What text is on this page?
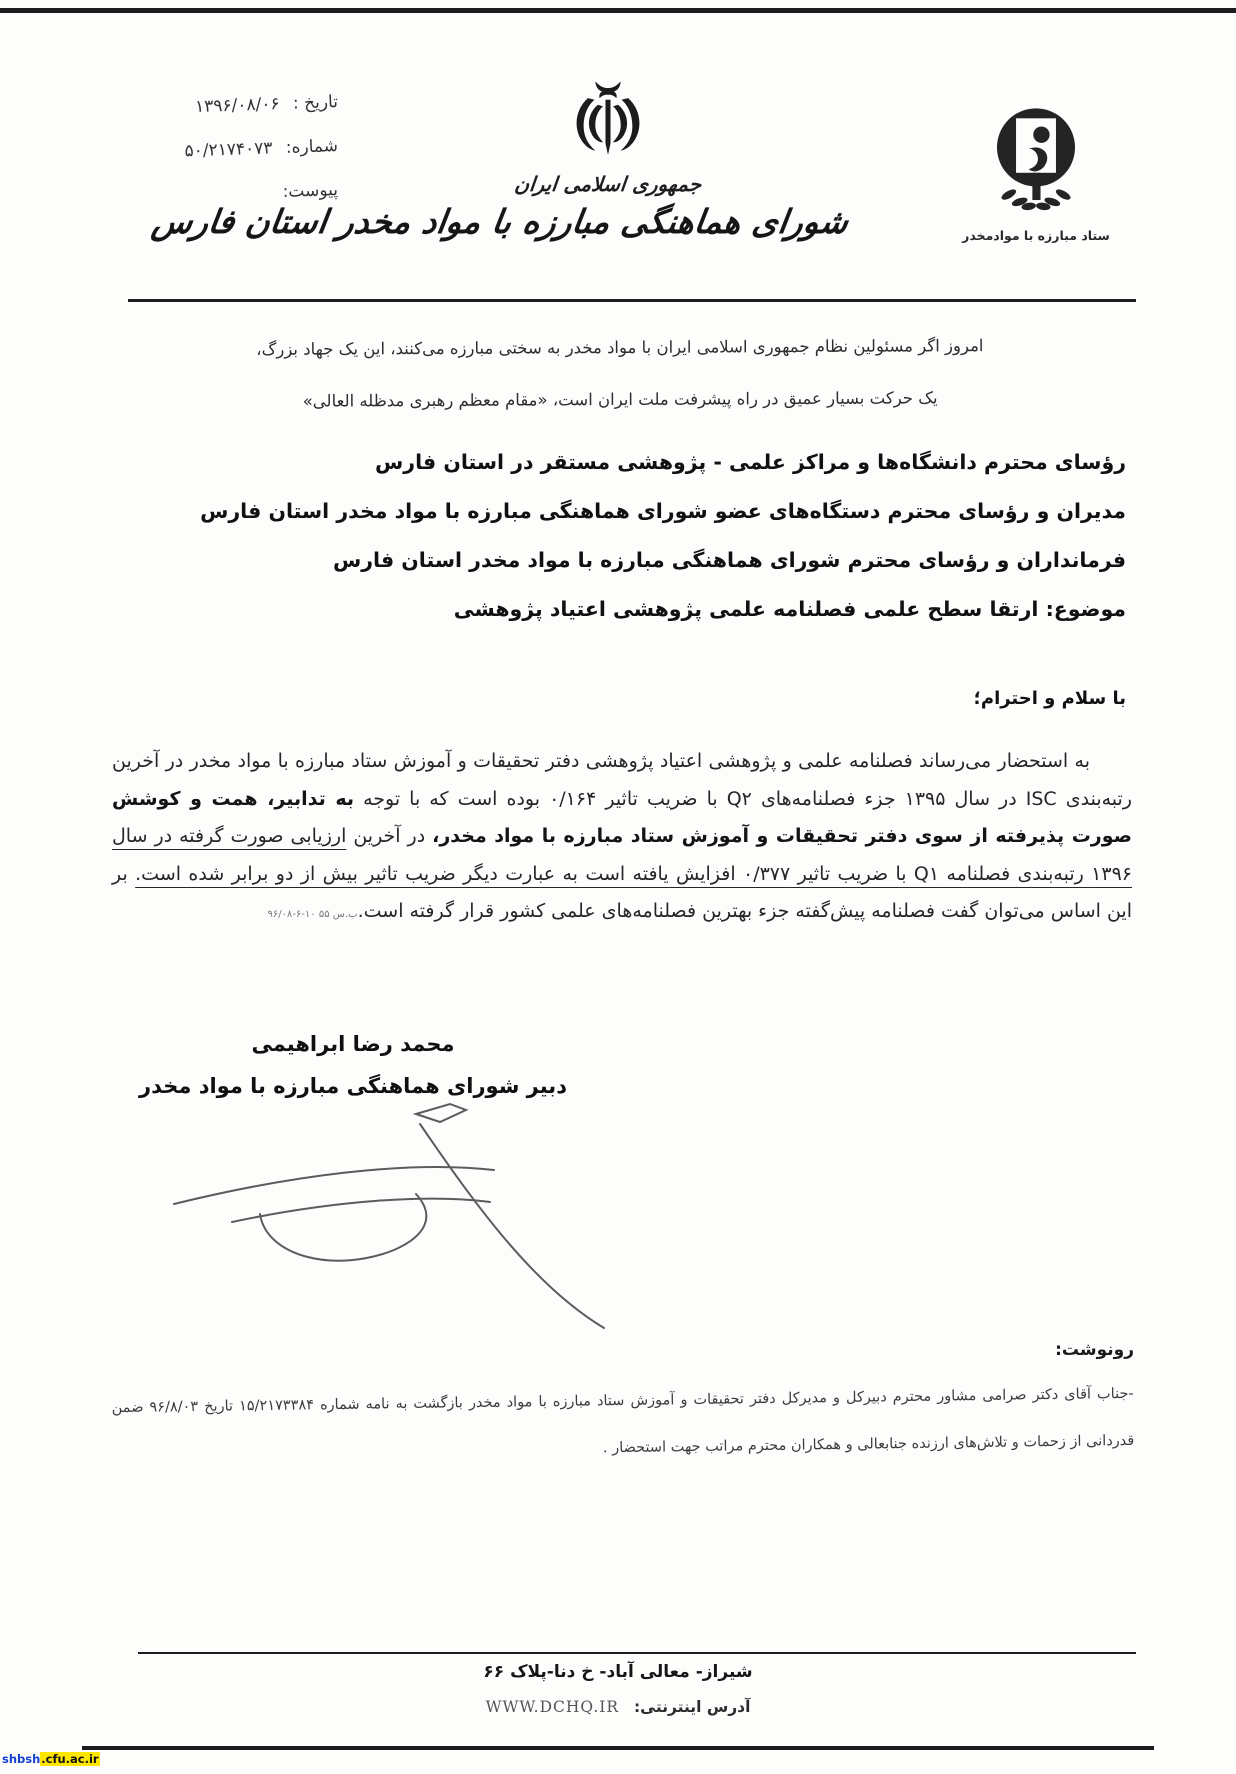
تاریخ : ۱۳۹۶/۰۸/۰۶
شماره: ۵۰/۲۱۷۴۰۷۳
پیوست:	جمهوری اسلامی ایران
شورای هماهنگی مبارزه با مواد مخدر استان فارس	ستاد مبارزه با موادمخدر
امروز اگر مسئولین نظام جمهوری اسلامی ایران با مواد مخدر به سختی مبارزه می‌کنند، این یک جهاد بزرگ،
یک حرکت بسیار عمیق در راه پیشرفت ملت ایران است، «مقام معظم رهبری مدظله العالی»
رؤسای محترم دانشگاه‌ها و مراکز علمی - پژوهشی مستقر در استان فارس
مدیران و رؤسای محترم دستگاه‌های عضو شورای هماهنگی مبارزه با مواد مخدر استان فارس
فرمانداران و رؤسای محترم شورای هماهنگی مبارزه با مواد مخدر استان فارس
موضوع: ارتقا سطح علمی فصلنامه علمی پژوهشی اعتیاد پژوهشی
با سلام و احترام؛

به استحضار می‌رساند فصلنامه علمی و پژوهشی اعتیاد پژوهشی دفتر تحقیقات و آموزش ستاد مبارزه با مواد مخدر در آخرین رتبه‌بندی ISC در سال ۱۳۹۵ جزء فصلنامه‌های Q۲ با ضریب تاثیر ۰/۱۶۴ بوده است که با توجه به تدابیر، همت و کوشش صورت پذیرفته از سوی دفتر تحقیقات و آموزش ستاد مبارزه با مواد مخدر، در آخرین ارزیابی صورت گرفته در سال ۱۳۹۶ رتبه‌بندی فصلنامه Q۱ با ضریب تاثیر ۰/۳۷۷ افزایش یافته است به عبارت دیگر ضریب تاثیر بیش از دو برابر شده است. بر این اساس می‌توان گفت فصلنامه پیش‌گفته جزء بهترین فصلنامه‌های علمی کشور قرار گرفته است.ب.س ۵۵ ۱۰-۶-۹۶/۰۸

محمد رضا ابراهیمی
دبیر شورای هماهنگی مبارزه با مواد مخدر
رونوشت:
-جناب آقای دکتر صرامی مشاور محترم دبیرکل و مدیرکل دفتر تحقیقات و آموزش ستاد مبارزه با مواد مخدر بازگشت به نامه شماره ۱۵/۲۱۷۳۳۸۴ تاریخ ۹۶/۸/۰۳ ضمن قدردانی از زحمات و تلاش‌های ارزنده جنابعالی و همکاران محترم مراتب جهت استحضار .
شیراز- معالی آباد- خ دنا-پلاک ۶۶
آدرس اینترنتی: WWW.DCHQ.IR
shbsh.cfu.ac.ir
